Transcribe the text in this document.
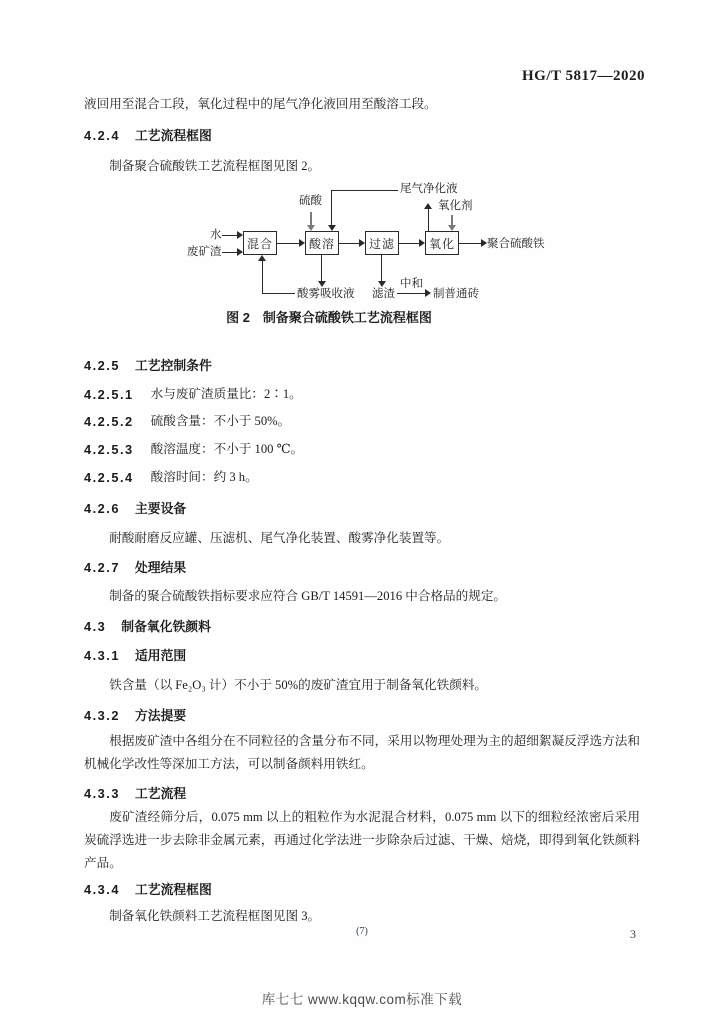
HG/T 5817—2020

液回用至混合工段，氧化过程中的尾气净化液回用至酸溶工段。

4.2.4 工艺流程框图

制备聚合硫酸铁工艺流程框图见图 2。

混合	酸溶	过滤	氧化
水
废矿渣
硫酸	氧化剂
尾气净化液
聚合硫酸铁
酸雾吸收液 滤渣
中和
制普通砖
图 2　制备聚合硫酸铁工艺流程框图
4.2.5 工艺控制条件
4.2.5.1 水与废矿渣质量比：2∶1。
4.2.5.2 硫酸含量：不小于 50%。
4.2.5.3 酸溶温度：不小于 100 ℃。
4.2.5.4 酸溶时间：约 3 h。
4.2.6 主要设备

耐酸耐磨反应罐、压滤机、尾气净化装置、酸雾净化装置等。

4.2.7 处理结果

制备的聚合硫酸铁指标要求应符合 GB/T 14591—2016 中合格品的规定。

4.3 制备氧化铁颜料
4.3.1 适用范围

铁含量（以 Fe₂O₃ 计）不小于 50%的废矿渣宜用于制备氧化铁颜料。

4.3.2 方法提要

根据废矿渣中各组分在不同粒径的含量分布不同，采用以物理处理为主的超细絮凝反浮选方法和机械化学改性等深加工方法，可以制备颜料用铁红。

4.3.3 工艺流程

废矿渣经筛分后，0.075 mm 以上的粗粒作为水泥混合材料，0.075 mm 以下的细粒经浓密后采用炭硫浮选进一步去除非金属元素，再通过化学法进一步除杂后过滤、干燥、焙烧，即得到氧化铁颜料产品。

4.3.4 工艺流程框图

制备氧化铁颜料工艺流程框图见图 3。

(7)	3
库七七 www.kqqw.com标准下载
